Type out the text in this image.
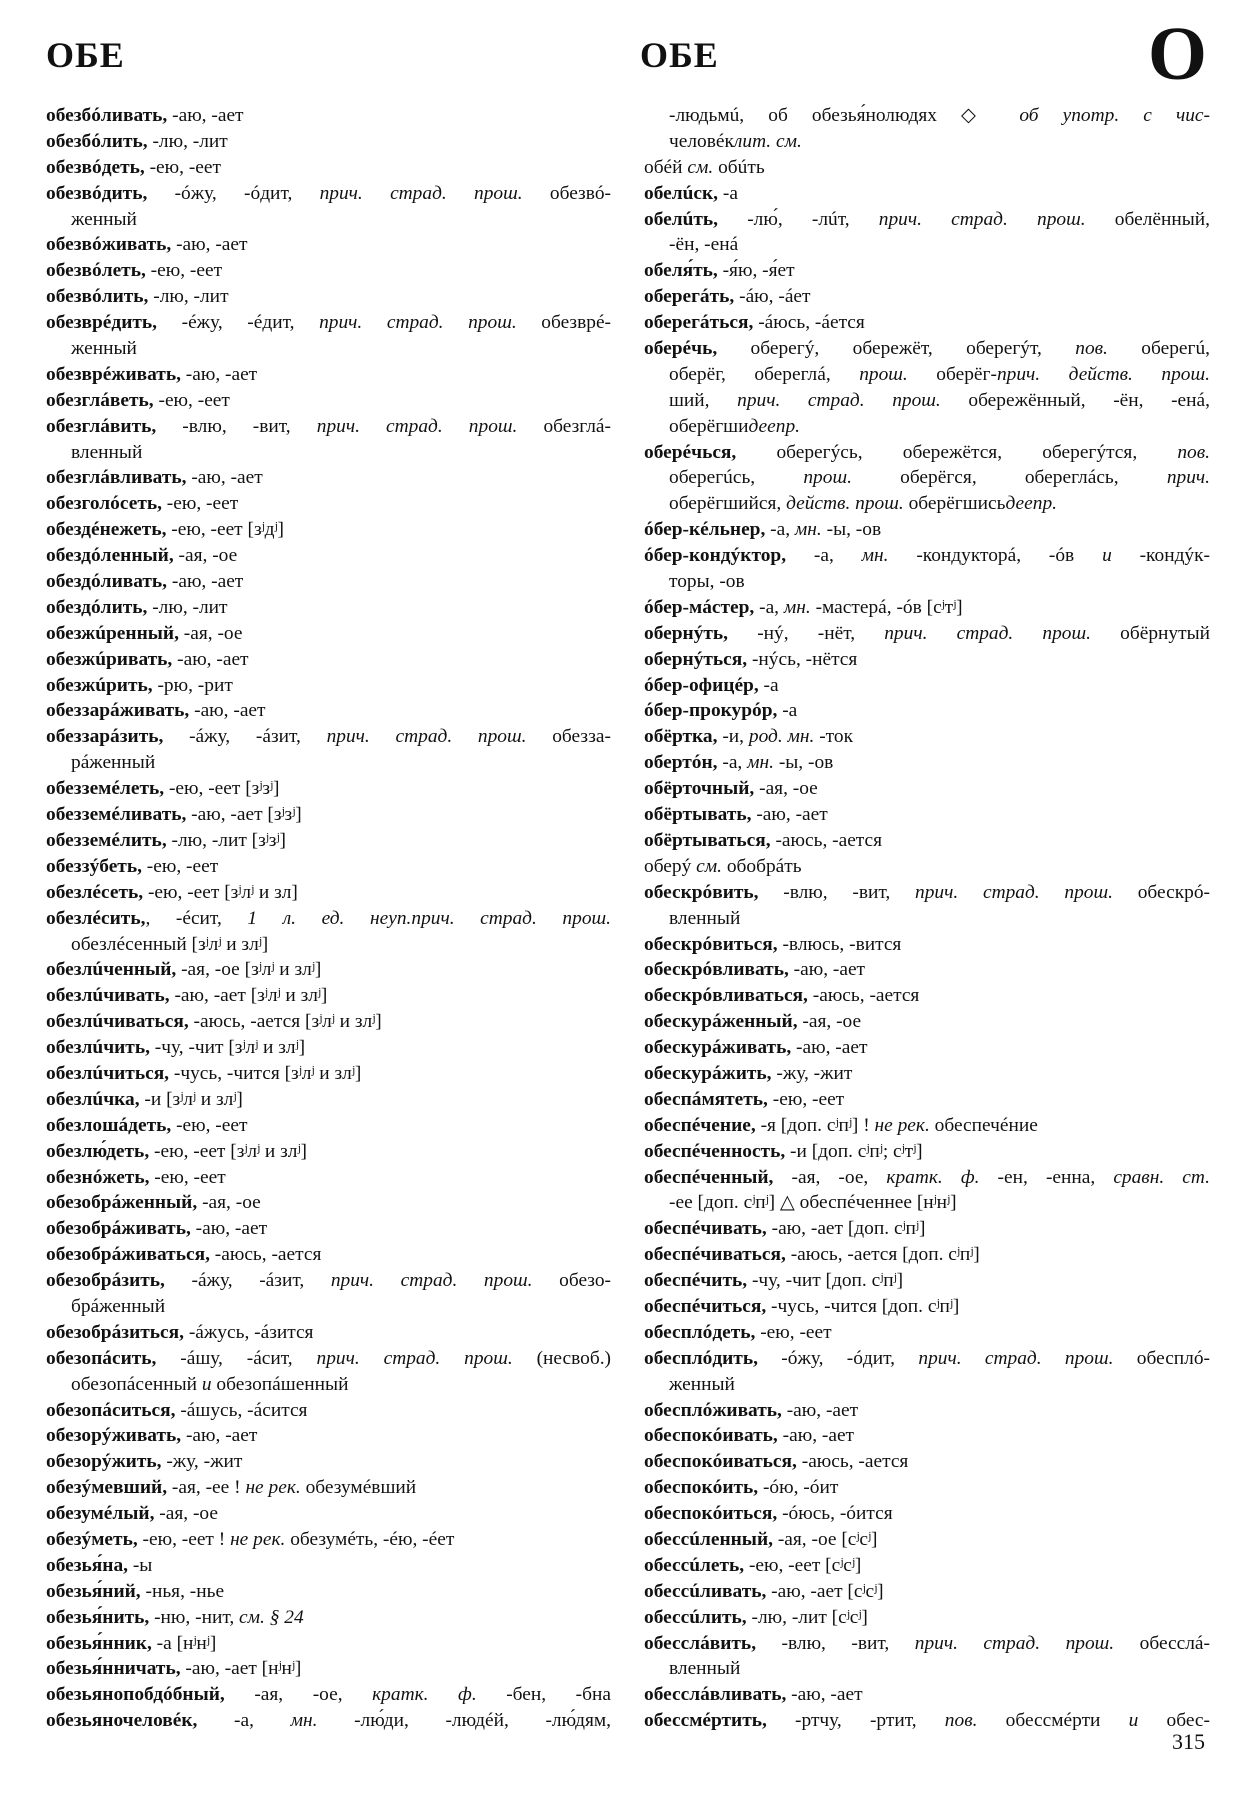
ОБЕ	ОБЕ	О
обезбóливать, -аю, -ает
обезбóлить, -лю, -лит
обезвóдеть, -ею, -еет
обезвóдить, -óжу, -óдит, прич. страд. прош. обезвó-
женный
обезвóживать, -аю, -ает
обезвóлеть, -ею, -еет
обезвóлить, -лю, -лит
обезврéдить, -éжу, -éдит, прич. страд. прош. обезврé-
женный
обезврéживать, -аю, -ает
обезглáветь, -ею, -еет
обезглáвить, -влю, -вит, прич. страд. прош. обезглá-
вленный
обезглáвливать, -аю, -ает
обезголóсеть, -ею, -еет
обездéнежеть, -ею, -еет [зʲдʲ]
обездóленный, -ая, -ое
обездóливать, -аю, -ает
обездóлить, -лю, -лит
обезжúренный, -ая, -ое
обезжúривать, -аю, -ает
обезжúрить, -рю, -рит
обеззарáживать, -аю, -ает
обеззарáзить, -áжу, -áзит, прич. страд. прош. обезза-
рáженный
обезземéлеть, -ею, -еет [зʲзʲ]
обезземéливать, -аю, -ает [зʲзʲ]
обезземéлить, -лю, -лит [зʲзʲ]
обеззýбеть, -ею, -еет
обезлéсеть, -ею, -еет [зʲлʲ и зл]
обезлéсить,, -éсит, 1 л. ед. неуп.прич. страд. прош.
обезлéсенный [зʲлʲ и злʲ]
обезлúченный, -ая, -ое [зʲлʲ и злʲ]
обезлúчивать, -аю, -ает [зʲлʲ и злʲ]
обезлúчиваться, -аюсь, -ается [зʲлʲ и злʲ]
обезлúчить, -чу, -чит [зʲлʲ и злʲ]
обезлúчиться, -чусь, -чится [зʲлʲ и злʲ]
обезлúчка, -и [зʲлʲ и злʲ]
обезлошáдеть, -ею, -еет
обезлю́деть, -ею, -еет [зʲлʲ и злʲ]
обезнóжеть, -ею, -еет
обезобрáженный, -ая, -ое
обезобрáживать, -аю, -ает
обезобрáживаться, -аюсь, -ается
обезобрáзить, -áжу, -áзит, прич. страд. прош. обезо-
брáженный
обезобрáзиться, -áжусь, -áзится
обезопáсить, -áшу, -áсит, прич. страд. прош. (несвоб.)
обезопáсенный и обезопáшенный
обезопáситься, -áшусь, -áсится
обезорýживать, -аю, -ает
обезорýжить, -жу, -жит
обезýмевший, -ая, -ее ! не рек. обезумéвший
обезумéлый, -ая, -ое
обезýметь, -ею, -еет ! не рек. обезумéть, -éю, -éет
обезья́на, -ы
обезья́ний, -нья, -нье
обезья́нить, -ню, -нит, см. § 24
обезья́нник, -а [нʲнʲ]
обезья́нничать, -аю, -ает [нʲнʲ]
обезьянопобдóбный, -ая, -ое, кратк. ф. -бен, -бна
обезьяночеловéк, -а, мн. -лю́ди, -людéй, -лю́дям,
-людьмú, об обезья́нолюдях ◇ об употр. с чис-
человéклит. см.
обéй см. обúть
обелúск, -а
обелúть, -лю́, -лúт, прич. страд. прош. обелённый,
-ён, -енá
обеля́ть, -я́ю, -я́ет
оберегáть, -áю, -áет
оберегáться, -áюсь, -áется
оберéчь, оберегý, обережёт, оберегýт, пов. оберегú,
оберёг, обереглá, прош. оберёг-прич. действ. прош.
ший, прич. страд. прош. обережённый, -ён, -енá,
оберёгшидеепр.
оберéчься, оберегýсь, обережётся, оберегýтся, пов.
оберегúсь, прош. оберёгся, обереглáсь, прич.
оберёгшийся, действ. прош. оберёгшисьдеепр.
óбер-кéльнер, -а, мн. -ы, -ов
óбер-кондýктор, -а, мн. -кондукторá, -óв и -кондýк-
торы, -ов
óбер-мáстер, -а, мн. -мастерá, -óв [сʲтʲ]
обернýть, -нý, -нёт, прич. страд. прош. обёрнутый
обернýться, -нýсь, -нётся
óбер-офицéр, -а
óбер-прокурóр, -а
обёртка, -и, род. мн. -ток
обертóн, -а, мн. -ы, -ов
обёрточный, -ая, -ое
обёртывать, -аю, -ает
обёртываться, -аюсь, -ается
оберý см. обобрáть
обескрóвить, -влю, -вит, прич. страд. прош. обескрó-
вленный
обескрóвиться, -влюсь, -вится
обескрóвливать, -аю, -ает
обескрóвливаться, -аюсь, -ается
обескурáженный, -ая, -ое
обескурáживать, -аю, -ает
обескурáжить, -жу, -жит
обеспáмятеть, -ею, -еет
обеспéчение, -я [доп. сʲпʲ] ! не рек. обеспечéние
обеспéченность, -и [доп. сʲпʲ; сʲтʲ]
обеспéченный, -ая, -ое, кратк. ф. -ен, -енна, сравн. ст.
-ее [доп. сʲпʲ] △ обеспéченнее [нʲнʲ]
обеспéчивать, -аю, -ает [доп. сʲпʲ]
обеспéчиваться, -аюсь, -ается [доп. сʲпʲ]
обеспéчить, -чу, -чит [доп. сʲпʲ]
обеспéчиться, -чусь, -чится [доп. сʲпʲ]
обесплóдеть, -ею, -еет
обесплóдить, -óжу, -óдит, прич. страд. прош. обесплó-
женный
обесплóживать, -аю, -ает
обеспокóивать, -аю, -ает
обеспокóиваться, -аюсь, -ается
обеспокóить, -óю, -óит
обеспокóиться, -óюсь, -óится
обессúленный, -ая, -ое [сʲсʲ]
обессúлеть, -ею, -еет [сʲсʲ]
обессúливать, -аю, -ает [сʲсʲ]
обессúлить, -лю, -лит [сʲсʲ]
обесслáвить, -влю, -вит, прич. страд. прош. обесслá-
вленный
обесслáвливать, -аю, -ает
обессмéртить, -ртчу, -ртит, пов. обессмéрти и обес-
315
